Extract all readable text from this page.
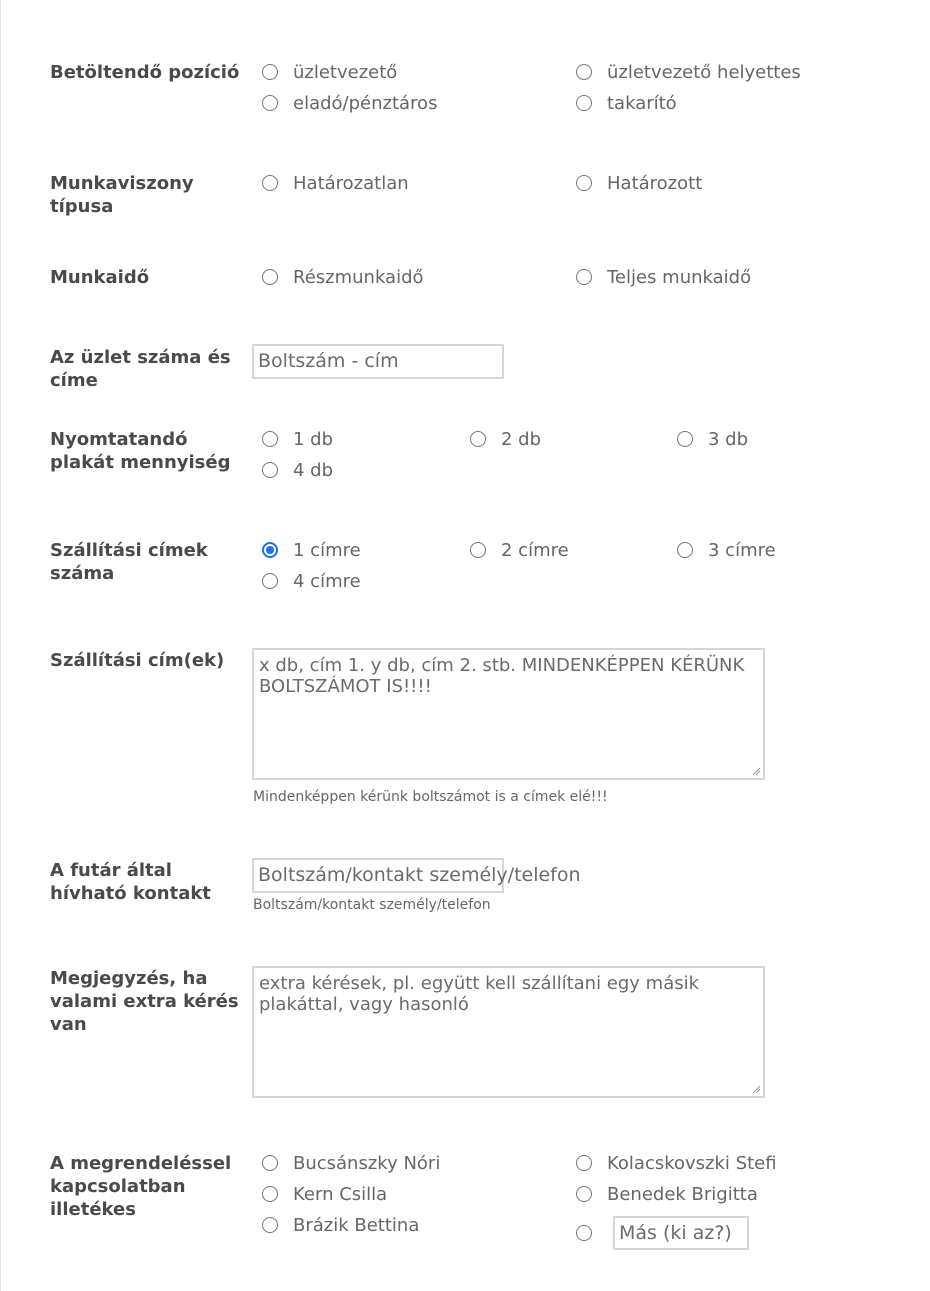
Betöltendő pozíció	üzletvezető	üzletvezető helyettes
eladó/pénztáros	takarító
Munkaviszony típusa
Határozatlan	Határozott
Munkaidő	Részmunkaidő	Teljes munkaidő
Az üzlet száma és címe
Boltszám - cím
Nyomtatandó plakát mennyiség
1 db	2 db	3 db
4 db
Szállítási címek száma
1 címre	2 címre	3 címre
4 címre
Szállítási cím(ek)	x db, cím 1. y db, cím 2. stb. MINDENKÉPPEN KÉRÜNK BOLTSZÁMOT IS!!!!
Mindenképpen kérünk boltszámot is a címek elé!!!
A futár által hívható kontakt
Boltszám/kontakt személy/telefon
Boltszám/kontakt személy/telefon
Megjegyzés, ha valami extra kérés van
extra kérések, pl. együtt kell szállítani egy másik plakáttal, vagy hasonló
A megrendeléssel kapcsolatban illetékes
Bucsánszky Nóri	Kolacskovszki Stefi
Kern Csilla	Benedek Brigitta
Brázik Bettina	Más (ki az?)
